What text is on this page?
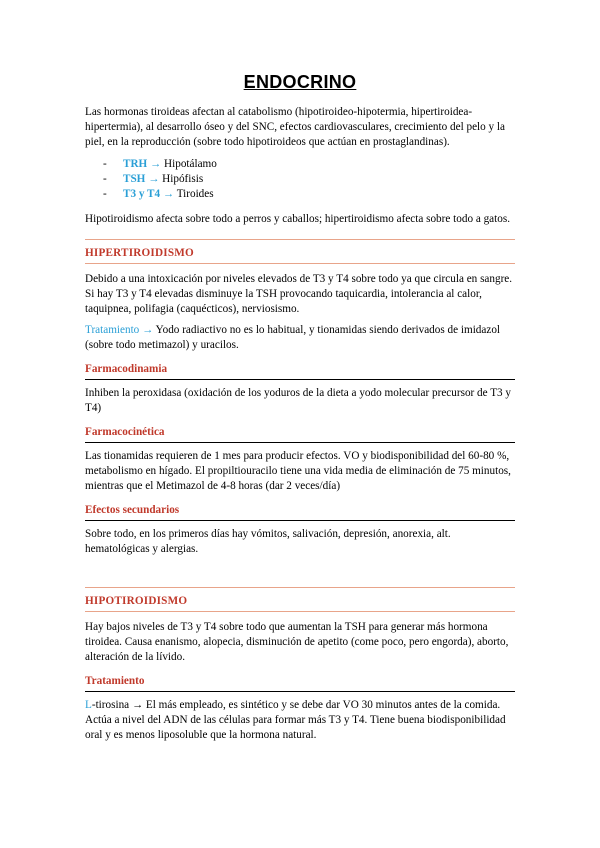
ENDOCRINO

Las hormonas tiroideas afectan al catabolismo (hipotiroideo-hipotermia, hipertiroidea-hipertermia), al desarrollo óseo y del SNC, efectos cardiovasculares, crecimiento del pelo y la piel, en la reproducción (sobre todo hipotiroideos que actúan en prostaglandinas).

-	TRH → Hipotálamo
-	TSH → Hipófisis
-	T3 y T4 → Tiroides

Hipotiroidismo afecta sobre todo a perros y caballos; hipertiroidismo afecta sobre todo a gatos.

HIPERTIROIDISMO

Debido a una intoxicación por niveles elevados de T3 y T4 sobre todo ya que circula en sangre. Si hay T3 y T4 elevadas disminuye la TSH provocando taquicardia, intolerancia al calor, taquipnea, polifagia (caquécticos), nerviosismo.

Tratamiento → Yodo radiactivo no es lo habitual, y tionamidas siendo derivados de imidazol (sobre todo metimazol) y uracilos.

Farmacodinamia

Inhiben la peroxidasa (oxidación de los yoduros de la dieta a yodo molecular precursor de T3 y T4)

Farmacocinética

Las tionamidas requieren de 1 mes para producir efectos. VO y biodisponibilidad del 60-80 %, metabolismo en hígado. El propiltiouracilo tiene una vida media de eliminación de 75 minutos, mientras que el Metimazol de 4-8 horas (dar 2 veces/día)

Efectos secundarios

Sobre todo, en los primeros días hay vómitos, salivación, depresión, anorexia, alt. hematológicas y alergias.

HIPOTIROIDISMO

Hay bajos niveles de T3 y T4 sobre todo que aumentan la TSH para generar más hormona tiroidea. Causa enanismo, alopecia, disminución de apetito (come poco, pero engorda), aborto, alteración de la lívido.

Tratamiento

L-tirosina → El más empleado, es sintético y se debe dar VO 30 minutos antes de la comida. Actúa a nivel del ADN de las células para formar más T3 y T4. Tiene buena biodisponibilidad oral y es menos liposoluble que la hormona natural.
